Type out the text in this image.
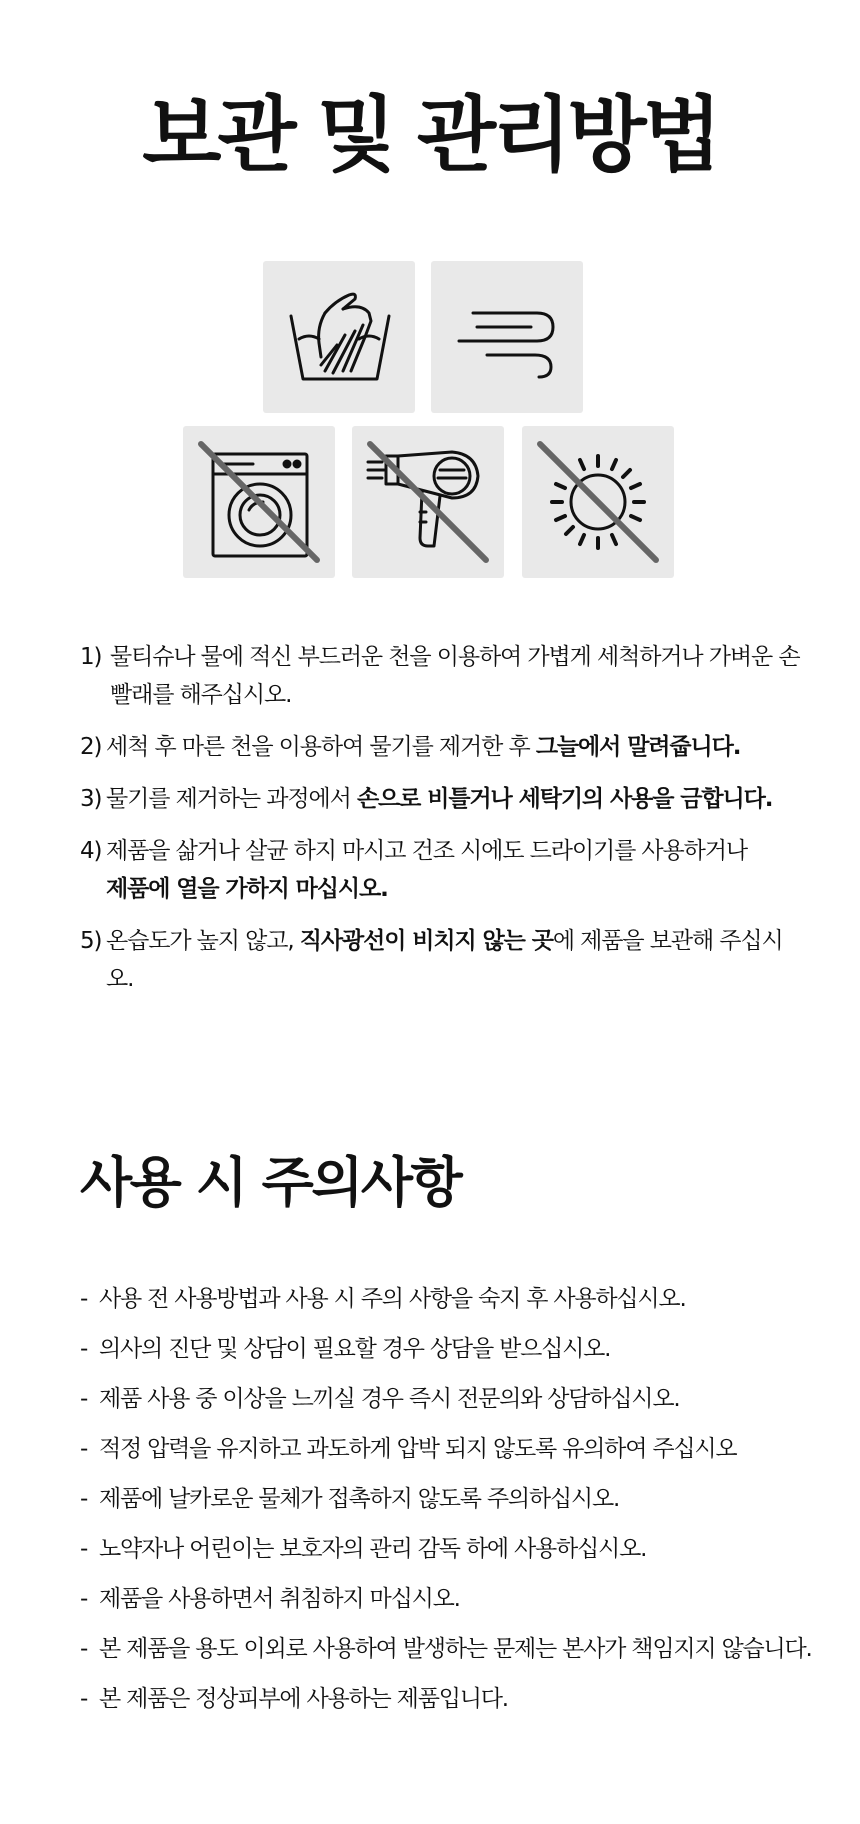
보관 및 관리방법
1) 물티슈나 물에 적신 부드러운 천을 이용하여 가볍게 세척하거나 가벼운 손빨래를 해주십시오.
2) 세척 후 마른 천을 이용하여 물기를 제거한 후 그늘에서 말려줍니다.
3) 물기를 제거하는 과정에서 손으로 비틀거나 세탁기의 사용을 금합니다.
4) 제품을 삶거나 살균 하지 마시고 건조 시에도 드라이기를 사용하거나
제품에 열을 가하지 마십시오.
5) 온습도가 높지 않고, 직사광선이 비치지 않는 곳에 제품을 보관해 주십시오.
사용 시 주의사항
- 사용 전 사용방법과 사용 시 주의 사항을 숙지 후 사용하십시오.
- 의사의 진단 및 상담이 필요할 경우 상담을 받으십시오.
- 제품 사용 중 이상을 느끼실 경우 즉시 전문의와 상담하십시오.
- 적정 압력을 유지하고 과도하게 압박 되지 않도록 유의하여 주십시오
- 제품에 날카로운 물체가 접촉하지 않도록 주의하십시오.
- 노약자나 어린이는 보호자의 관리 감독 하에 사용하십시오.
- 제품을 사용하면서 취침하지 마십시오.
- 본 제품을 용도 이외로 사용하여 발생하는 문제는 본사가 책임지지 않습니다.
- 본 제품은 정상피부에 사용하는 제품입니다.
